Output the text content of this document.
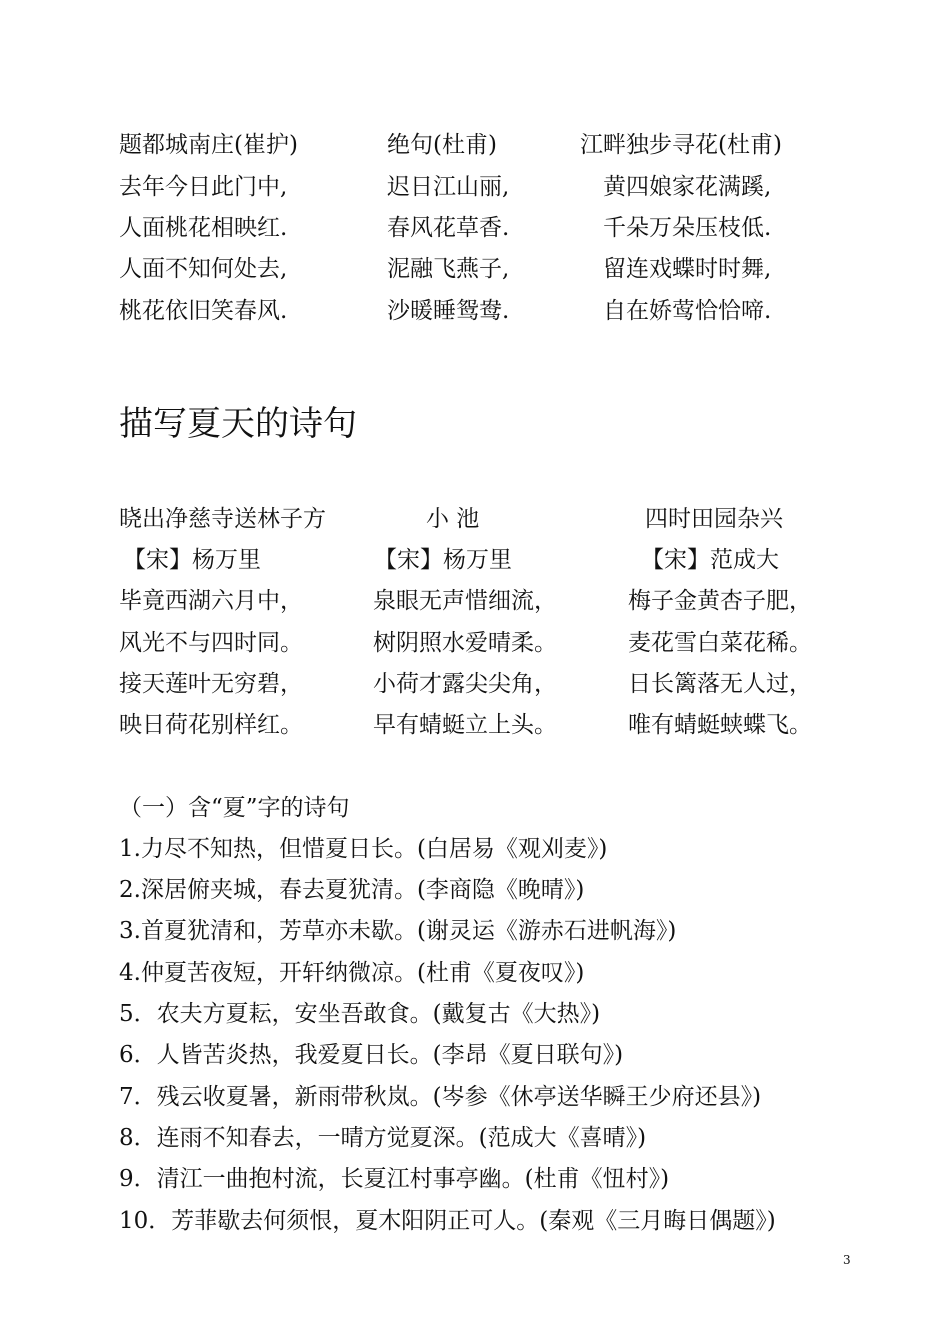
题都城南庄(崔护)
去年今日此门中,
人面桃花相映红.
人面不知何处去,
桃花依旧笑春风.
绝句(杜甫)
迟日江山丽,
春风花草香.
泥融飞燕子,
沙暖睡鸳鸯.
江畔独步寻花(杜甫)
黄四娘家花满蹊,
千朵万朵压枝低.
留连戏蝶时时舞,
自在娇莺恰恰啼.
描写夏天的诗句
晓出净慈寺送林子方
【宋】杨万里
毕竟西湖六月中，
风光不与四时同。
接天莲叶无穷碧，
映日荷花别样红。
小 池
【宋】杨万里
泉眼无声惜细流，
树阴照水爱晴柔。
小荷才露尖尖角，
早有蜻蜓立上头。
四时田园杂兴
【宋】范成大
梅子金黄杏子肥，
麦花雪白菜花稀。
日长篱落无人过，
唯有蜻蜓蛱蝶飞。
（一）含“夏”字的诗句
1.力尽不知热，但惜夏日长。(白居易《观刈麦》)
2.深居俯夹城，春去夏犹清。(李商隐《晚晴》)
3.首夏犹清和，芳草亦未歇。(谢灵运《游赤石进帆海》)
4.仲夏苦夜短，开轩纳微凉。(杜甫《夏夜叹》)
5．农夫方夏耘，安坐吾敢食。(戴复古《大热》)
6．人皆苦炎热，我爱夏日长。(李昂《夏日联句》)
7．残云收夏暑，新雨带秋岚。(岑参《休亭送华瞬王少府还县》)
8．连雨不知春去，一晴方觉夏深。(范成大《喜晴》)
9．清江一曲抱村流，长夏江村事亭幽。(杜甫《忸村》)
10．芳菲歇去何须恨，夏木阳阴正可人。(秦观《三月晦日偶题》)
3
